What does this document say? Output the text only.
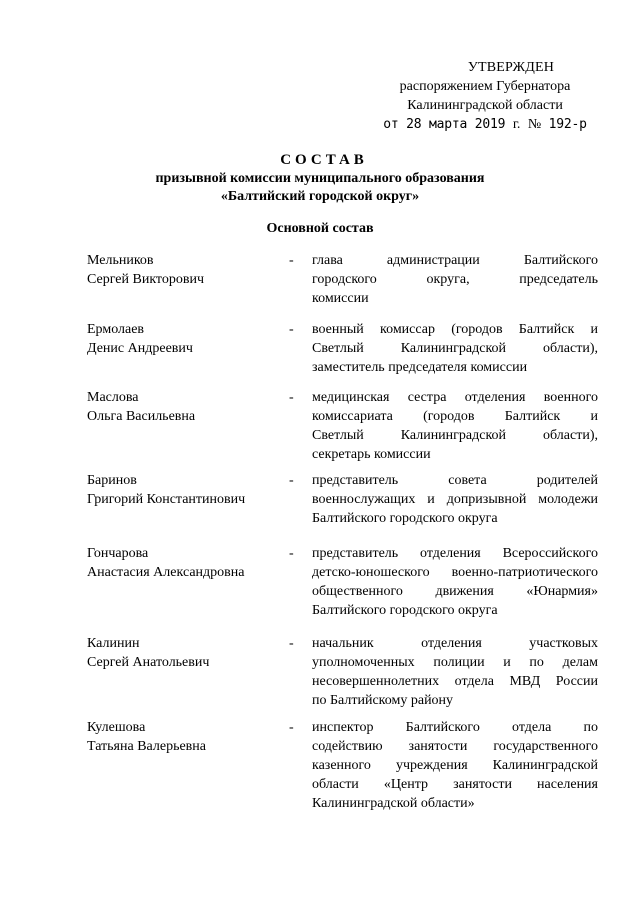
УТВЕРЖДЕН
распоряжением Губернатора
Калининградской области
от 28 марта 2019 г. № 192-р
СОСТАВ
призывной комиссии муниципального образования
«Балтийский городской округ»
Основной состав
Мельников
Сергей Викторович
-	глава администрации Балтийского
городского округа, председатель
комиссии
Ермолаев
Денис Андреевич
-	военный комиссар (городов Балтийск и
Светлый Калининградской области),
заместитель председателя комиссии
Маслова
Ольга Васильевна
-	медицинская сестра отделения военного
комиссариата (городов Балтийск и
Светлый Калининградской области),
секретарь комиссии
Баринов
Григорий Константинович
-	представитель совета родителей
военнослужащих и допризывной молодежи
Балтийского городского округа
Гончарова
Анастасия Александровна
-	представитель отделения Всероссийского
детско-юношеского военно-патриотического
общественного движения «Юнармия»
Балтийского городского округа
Калинин
Сергей Анатольевич
-	начальник отделения участковых
уполномоченных полиции и по делам
несовершеннолетних отдела МВД России
по Балтийскому району
Кулешова
Татьяна Валерьевна
-	инспектор Балтийского отдела по
содействию занятости государственного
казенного учреждения Калининградской
области «Центр занятости населения
Калининградской области»
